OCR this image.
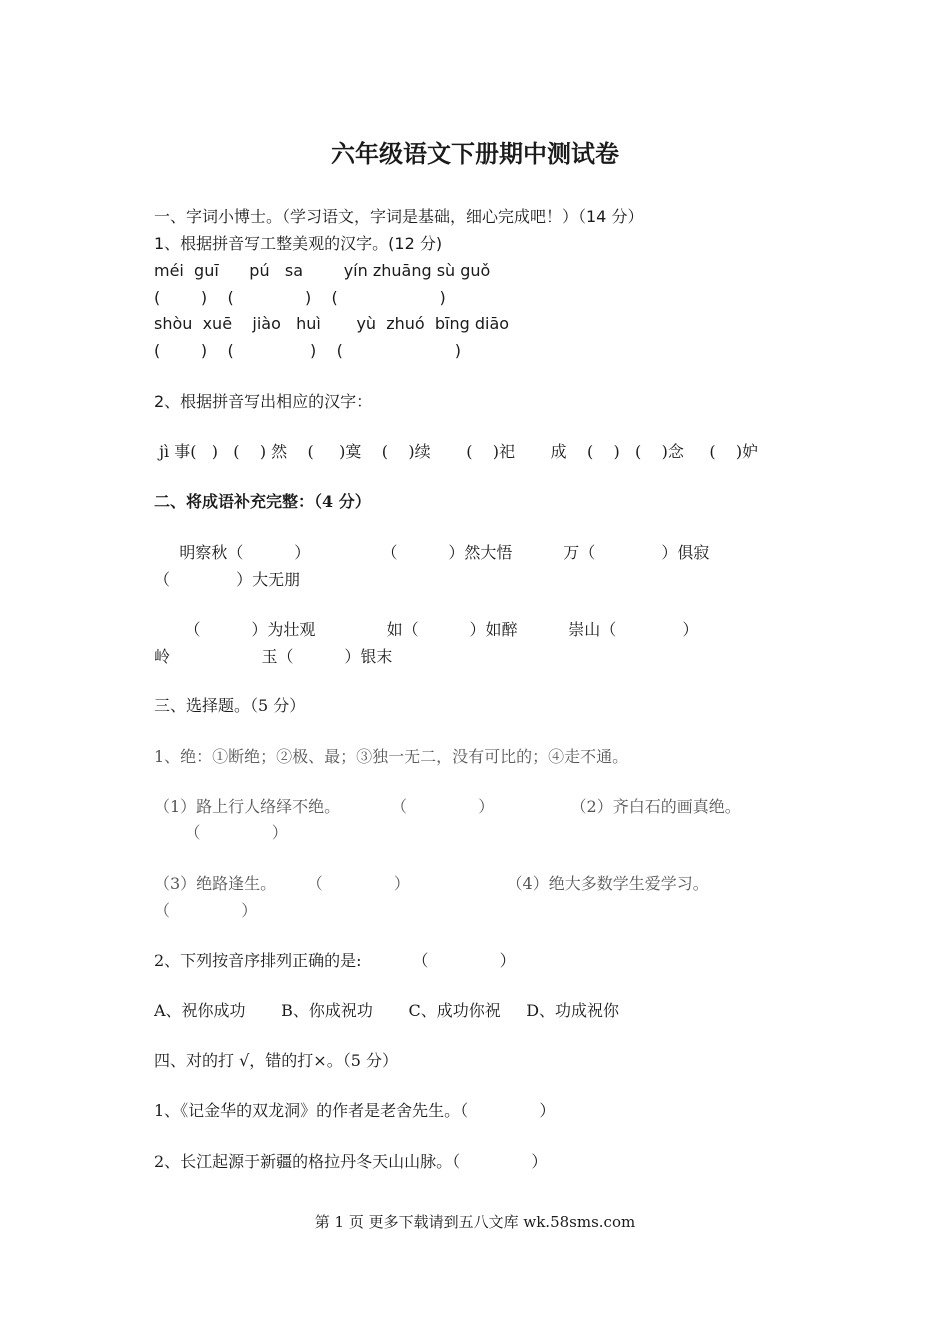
六年级语文下册期中测试卷
一、字词小博士。（学习语文，字词是基础，细心完成吧！）（14 分）
1、根据拼音写工整美观的汉字。(12 分)
méi  guī      pú   sa        yín zhuāng sù guǒ
(        )    (              )    (                    )
shòu  xuē    jiào   huì       yù  zhuó  bīng diāo
(        )    (               )    (                      )
2、根据拼音写出相应的汉字：
jì 事(   )   (    ) 然    (     )寞    (    )续       (    )祀       成    (    )   (    )念     (    )妒
二、将成语补充完整：（4 分）
明察秋（          ）              （          ）然大悟          万（             ）俱寂
（             ）大无朋
（          ）为壮观              如（          ）如醉          崇山（             ）
岭                  玉（          ）银末
三、选择题。（5 分）
1、绝：①断绝；②极、最；③独一无二，没有可比的；④走不通。
（1）路上行人络绎不绝。          （              ）               （2）齐白石的画真绝。
（              ）
（3）绝路逢生。      （              ）                   （4）绝大多数学生爱学习。
（              ）
2、下列按音序排列正确的是:          （              ）
A、祝你成功       B、你成祝功       C、成功你祝     D、功成祝你
四、对的打 √，错的打×。（5 分）
1、《记金华的双龙洞》的作者是老舍先生。（              ）
2、长江起源于新疆的格拉丹冬天山山脉。（              ）
第 1 页 更多下载请到五八文库 wk.58sms.com
